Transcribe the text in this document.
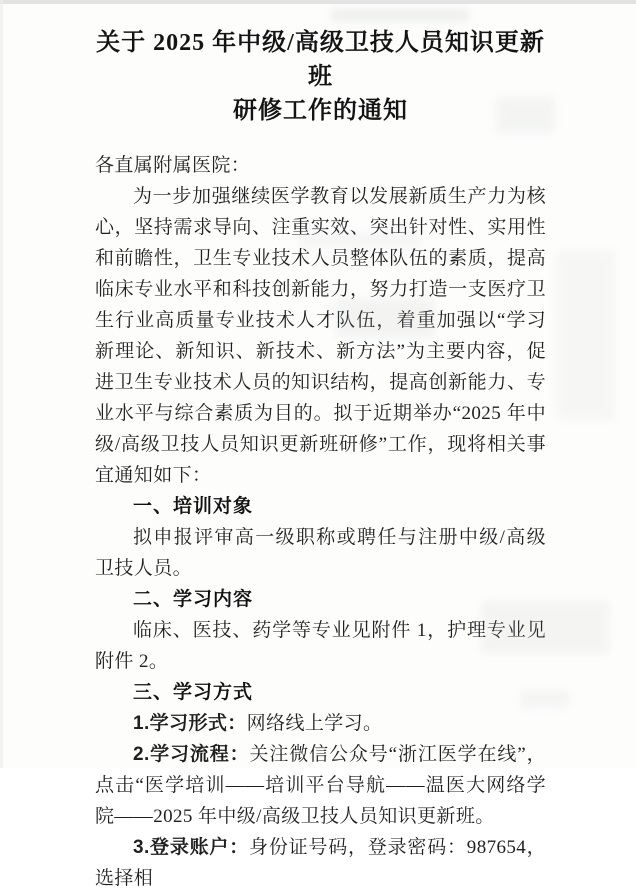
关于 2025 年中级/高级卫技人员知识更新班
研修工作的通知

各直属附属医院：

为一步加强继续医学教育以发展新质生产力为核心，坚持需求导向、注重实效、突出针对性、实用性和前瞻性，卫生专业技术人员整体队伍的素质，提高临床专业水平和科技创新能力，努力打造一支医疗卫生行业高质量专业技术人才队伍，着重加强以“学习新理论、新知识、新技术、新方法”为主要内容，促进卫生专业技术人员的知识结构，提高创新能力、专业水平与综合素质为目的。拟于近期举办“2025 年中级/高级卫技人员知识更新班研修”工作，现将相关事宜通知如下：

一、培训对象

拟申报评审高一级职称或聘任与注册中级/高级卫技人员。

二、学习内容

临床、医技、药学等专业见附件 1，护理专业见附件 2。

三、学习方式

1.学习形式：网络线上学习。

2.学习流程：关注微信公众号“浙江医学在线”，点击“医学培训——培训平台导航——温医大网络学院——2025 年中级/高级卫技人员知识更新班。

3.登录账户：身份证号码，登录密码：987654，选择相
